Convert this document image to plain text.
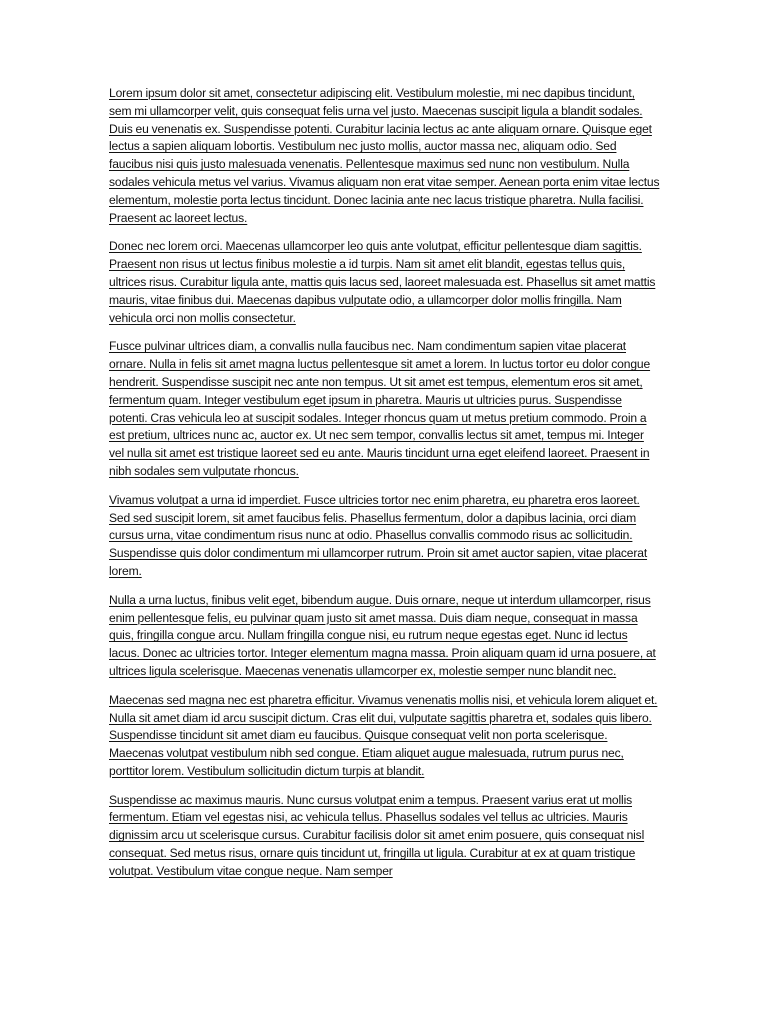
Lorem ipsum dolor sit amet, consectetur adipiscing elit. Vestibulum molestie, mi nec dapibus tincidunt, sem mi ullamcorper velit, quis consequat felis urna vel justo. Maecenas suscipit ligula a blandit sodales. Duis eu venenatis ex. Suspendisse potenti. Curabitur lacinia lectus ac ante aliquam ornare. Quisque eget lectus a sapien aliquam lobortis. Vestibulum nec justo mollis, auctor massa nec, aliquam odio. Sed faucibus nisi quis justo malesuada venenatis. Pellentesque maximus sed nunc non vestibulum. Nulla sodales vehicula metus vel varius. Vivamus aliquam non erat vitae semper. Aenean porta enim vitae lectus elementum, molestie porta lectus tincidunt. Donec lacinia ante nec lacus tristique pharetra. Nulla facilisi. Praesent ac laoreet lectus.

Donec nec lorem orci. Maecenas ullamcorper leo quis ante volutpat, efficitur pellentesque diam sagittis. Praesent non risus ut lectus finibus molestie a id turpis. Nam sit amet elit blandit, egestas tellus quis, ultrices risus. Curabitur ligula ante, mattis quis lacus sed, laoreet malesuada est. Phasellus sit amet mattis mauris, vitae finibus dui. Maecenas dapibus vulputate odio, a ullamcorper dolor mollis fringilla. Nam vehicula orci non mollis consectetur.

Fusce pulvinar ultrices diam, a convallis nulla faucibus nec. Nam condimentum sapien vitae placerat ornare. Nulla in felis sit amet magna luctus pellentesque sit amet a lorem. In luctus tortor eu dolor congue hendrerit. Suspendisse suscipit nec ante non tempus. Ut sit amet est tempus, elementum eros sit amet, fermentum quam. Integer vestibulum eget ipsum in pharetra. Mauris ut ultricies purus. Suspendisse potenti. Cras vehicula leo at suscipit sodales. Integer rhoncus quam ut metus pretium commodo. Proin a est pretium, ultrices nunc ac, auctor ex. Ut nec sem tempor, convallis lectus sit amet, tempus mi. Integer vel nulla sit amet est tristique laoreet sed eu ante. Mauris tincidunt urna eget eleifend laoreet. Praesent in nibh sodales sem vulputate rhoncus.

Vivamus volutpat a urna id imperdiet. Fusce ultricies tortor nec enim pharetra, eu pharetra eros laoreet. Sed sed suscipit lorem, sit amet faucibus felis. Phasellus fermentum, dolor a dapibus lacinia, orci diam cursus urna, vitae condimentum risus nunc at odio. Phasellus convallis commodo risus ac sollicitudin. Suspendisse quis dolor condimentum mi ullamcorper rutrum. Proin sit amet auctor sapien, vitae placerat lorem.

Nulla a urna luctus, finibus velit eget, bibendum augue. Duis ornare, neque ut interdum ullamcorper, risus enim pellentesque felis, eu pulvinar quam justo sit amet massa. Duis diam neque, consequat in massa quis, fringilla congue arcu. Nullam fringilla congue nisi, eu rutrum neque egestas eget. Nunc id lectus lacus. Donec ac ultricies tortor. Integer elementum magna massa. Proin aliquam quam id urna posuere, at ultrices ligula scelerisque. Maecenas venenatis ullamcorper ex, molestie semper nunc blandit nec.

Maecenas sed magna nec est pharetra efficitur. Vivamus venenatis mollis nisi, et vehicula lorem aliquet et. Nulla sit amet diam id arcu suscipit dictum. Cras elit dui, vulputate sagittis pharetra et, sodales quis libero. Suspendisse tincidunt sit amet diam eu faucibus. Quisque consequat velit non porta scelerisque. Maecenas volutpat vestibulum nibh sed congue. Etiam aliquet augue malesuada, rutrum purus nec, porttitor lorem. Vestibulum sollicitudin dictum turpis at blandit.

Suspendisse ac maximus mauris. Nunc cursus volutpat enim a tempus. Praesent varius erat ut mollis fermentum. Etiam vel egestas nisi, ac vehicula tellus. Phasellus sodales vel tellus ac ultricies. Mauris dignissim arcu ut scelerisque cursus. Curabitur facilisis dolor sit amet enim posuere, quis consequat nisl consequat. Sed metus risus, ornare quis tincidunt ut, fringilla ut ligula. Curabitur at ex at quam tristique volutpat. Vestibulum vitae congue neque. Nam semper
